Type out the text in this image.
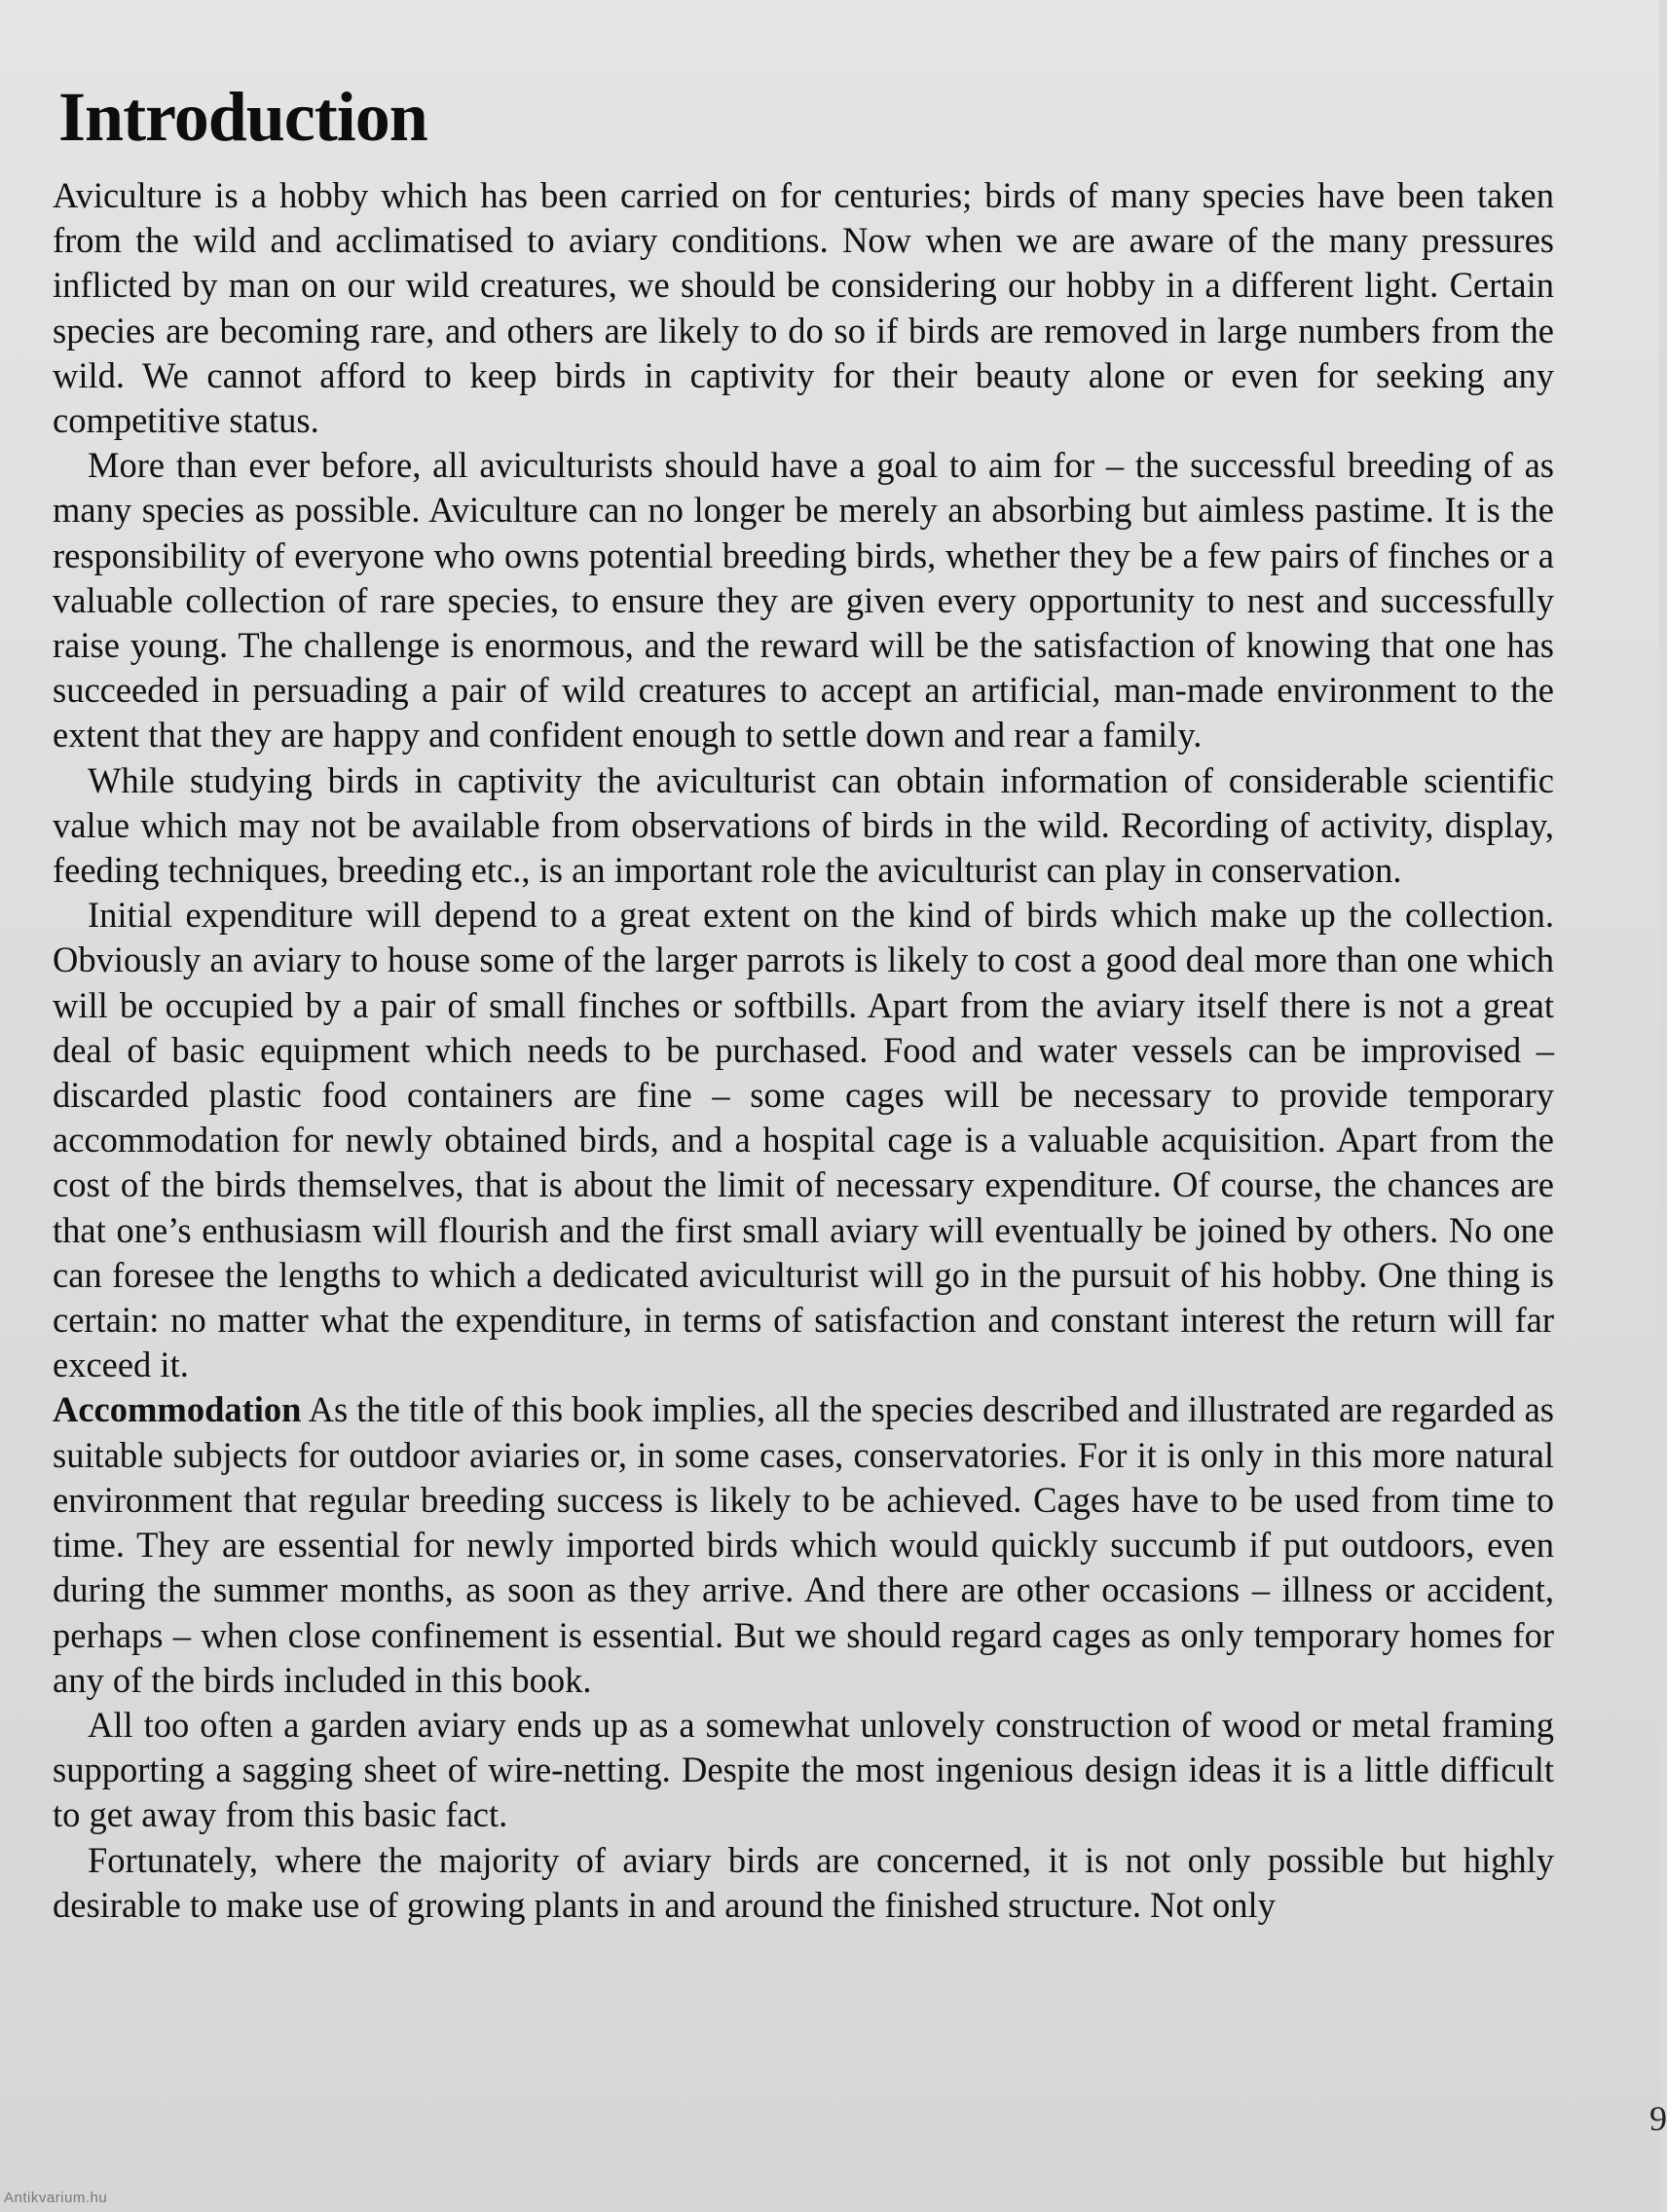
Introduction

Aviculture is a hobby which has been carried on for centuries; birds of many species have been taken from the wild and acclimatised to aviary conditions. Now when we are aware of the many pressures inflicted by man on our wild creatures, we should be considering our hobby in a different light. Certain species are becoming rare, and others are likely to do so if birds are removed in large numbers from the wild. We cannot afford to keep birds in captivity for their beauty alone or even for seeking any competitive status.

More than ever before, all aviculturists should have a goal to aim for – the successful breeding of as many species as possible. Aviculture can no longer be merely an absorbing but aimless pastime. It is the responsibility of everyone who owns potential breeding birds, whether they be a few pairs of finches or a valuable collection of rare species, to ensure they are given every opportunity to nest and successfully raise young. The challenge is enormous, and the reward will be the satisfaction of knowing that one has succeeded in persuading a pair of wild creatures to accept an artificial, man-made environment to the extent that they are happy and confident enough to settle down and rear a family.

While studying birds in captivity the aviculturist can obtain information of considerable scientific value which may not be available from observations of birds in the wild. Recording of activity, display, feeding techniques, breeding etc., is an important role the aviculturist can play in conservation.

Initial expenditure will depend to a great extent on the kind of birds which make up the collection. Obviously an aviary to house some of the larger parrots is likely to cost a good deal more than one which will be occupied by a pair of small finches or softbills. Apart from the aviary itself there is not a great deal of basic equipment which needs to be purchased. Food and water vessels can be improvised – discarded plastic food containers are fine – some cages will be necessary to provide temporary accommodation for newly obtained birds, and a hospital cage is a valuable acquisition. Apart from the cost of the birds themselves, that is about the limit of necessary expenditure. Of course, the chances are that one’s enthusiasm will flourish and the first small aviary will eventually be joined by others. No one can foresee the lengths to which a dedicated aviculturist will go in the pursuit of his hobby. One thing is certain: no matter what the expenditure, in terms of satisfaction and constant interest the return will far exceed it.

Accommodation As the title of this book implies, all the species described and illustrated are regarded as suitable subjects for outdoor aviaries or, in some cases, conservatories. For it is only in this more natural environment that regular breeding success is likely to be achieved. Cages have to be used from time to time. They are essential for newly imported birds which would quickly succumb if put outdoors, even during the summer months, as soon as they arrive. And there are other occasions – illness or accident, perhaps – when close confinement is essential. But we should regard cages as only temporary homes for any of the birds included in this book.

All too often a garden aviary ends up as a somewhat unlovely construction of wood or metal framing supporting a sagging sheet of wire-netting. Despite the most ingenious design ideas it is a little difficult to get away from this basic fact.

Fortunately, where the majority of aviary birds are concerned, it is not only possible but highly desirable to make use of growing plants in and around the finished structure. Not only

9
Antikvarium.hu
